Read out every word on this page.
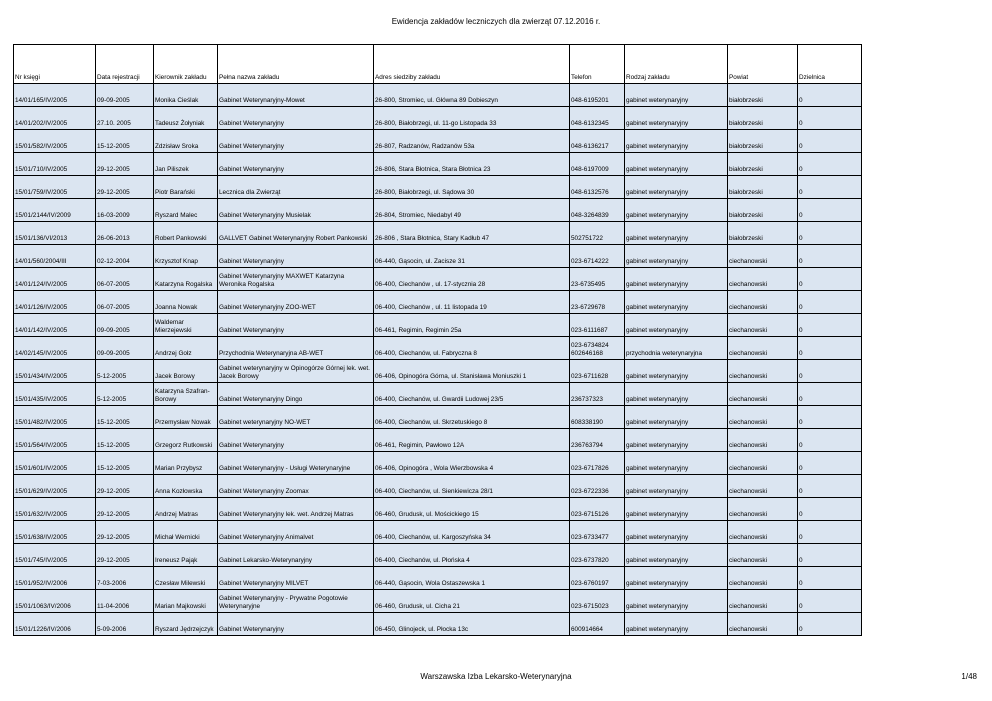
Ewidencja zakładów leczniczych dla zwierząt 07.12.2016 r.
Nr księgi	Data rejestracji	Kierownik zakładu	Pełna nazwa zakładu	Adres siedziby zakładu	Telefon	Rodzaj zakładu	Powiat	Dzielnica
14/01/165/IV/2005	09-09-2005	Monika Cieślak	Gabinet Weterynaryjny-Mowet	26-800, Stromiec, ul. Główna 89 Dobieszyn	048-6195201	gabinet weterynaryjny	białobrzeski	0
14/01/202/IV/2005	27.10. 2005	Tadeusz Żołyniak	Gabinet Weterynaryjny	26-800, Białobrzegi, ul. 11-go Listopada 33	048-6132345	gabinet weterynaryjny	białobrzeski	0
15/01/582/IV/2005	15-12-2005	Zdzisław Sroka	Gabinet Weterynaryjny	26-807, Radzanów, Radzanów 53a	048-6136217	gabinet weterynaryjny	białobrzeski	0
15/01/710/IV/2005	29-12-2005	Jan Piliszek	Gabinet Weterynaryjny	26-806, Stara Błotnica, Stara Błotnica 23	048-6197009	gabinet weterynaryjny	białobrzeski	0
15/01/759/IV/2005	29-12-2005	Piotr Barański	Lecznica dla Zwierząt	26-800, Białobrzegi, ul. Sądowa 30	048-6132576	gabinet weterynaryjny	białobrzeski	0
15/01/2144/IV/2009	16-03-2009	Ryszard Malec	Gabinet Weterynaryjny Musielak	26-804, Stromiec, Niedabyl 49	048-3264839	gabinet weterynaryjny	białobrzeski	0
15/01/136/VI/2013	26-06-2013	Robert Pankowski	GALLVET Gabinet Weterynaryjny Robert Pankowski	26-806 , Stara Błotnica, Stary Kadłub 47	502751722	gabinet weterynaryjny	białobrzeski	0
14/01/560/2004/III	02-12-2004	Krzysztof Knap	Gabinet Weterynaryjny	06-440, Gąsocin, ul. Zacisze 31	023-6714222	gabinet weterynaryjny	ciechanowski	0
14/01/124/IV/2005	06-07-2005	Katarzyna Rogalska	Gabinet Weterynaryjny MAXWET Katarzyna Weronika Rogalska	06-400, Ciechanów , ul. 17-stycznia 28	23-6735495	gabinet weterynaryjny	ciechanowski	0
14/01/126/IV/2005	06-07-2005	Joanna Nowak	Gabinet Weterynaryjny ZOO-WET	06-400, Ciechanów , ul. 11 listopada 19	23-6729678	gabinet weterynaryjny	ciechanowski	0
14/01/142/IV/2005	09-09-2005	Waldemar Mierzejewski	Gabinet Weterynaryjny	06-461, Regimin, Regimin 25a	023-6111687	gabinet weterynaryjny	ciechanowski	0
14/02/145/IV/2005	09-09-2005	Andrzej Gołz	Przychodnia Weterynaryjna AB-WET	06-400, Ciechanów, ul. Fabryczna 8	023-6734824 602646168	przychodnia weterynaryjna	ciechanowski	0
15/01/434/IV/2005	5-12-2005	Jacek Borowy	Gabinet weterynaryjny w Opinogórze Górnej lek. wet. Jacek Borowy	06-406, Opinogóra Górna, ul. Stanisława Moniuszki 1	023-6711628	gabinet weterynaryjny	ciechanowski	0
15/01/435/IV/2005	5-12-2005	Katarzyna Szafran-Borowy	Gabinet Weterynaryjny Dingo	06-400, Ciechanów, ul. Gwardii Ludowej 23/5	236737323	gabinet weterynaryjny	ciechanowski	0
15/01/482/IV/2005	15-12-2005	Przemysław Nowak	Gabinet weterynaryjny NO-WET	06-400, Ciechanów, ul. Skrzetuskiego 8	608338190	gabinet weterynaryjny	ciechanowski	0
15/01/564/IV/2005	15-12-2005	Grzegorz Rutkowski	Gabinet Weterynaryjny	06-461, Regimin, Pawłowo 12A	236763794	gabinet weterynaryjny	ciechanowski	0
15/01/601/IV/2005	15-12-2005	Marian Przybysz	Gabinet Weterynaryjny - Usługi Weterynaryjne	06-406, Opinogóra , Wola Wierzbowska 4	023-6717826	gabinet weterynaryjny	ciechanowski	0
15/01/629/IV/2005	29-12-2005	Anna Kozłowska	Gabinet Weterynaryjny Zoomax	06-400, Ciechanów, ul. Sienkiewicza 28/1	023-6722336	gabinet weterynaryjny	ciechanowski	0
15/01/632/IV/2005	29-12-2005	Andrzej Matras	Gabinet Weterynaryjny lek. wet. Andrzej Matras	06-460, Grudusk, ul. Mościckiego 15	023-6715126	gabinet weterynaryjny	ciechanowski	0
15/01/638/IV/2005	29-12-2005	Michał Wernicki	Gabinet Weterynaryjny Animalvet	06-400, Ciechanów, ul. Kargoszyńska 34	023-6733477	gabinet weterynaryjny	ciechanowski	0
15/01/745/IV/2005	29-12-2005	Ireneusz Pająk	Gabinet Lekarsko-Weterynaryjny	06-400, Ciechanów, ul. Płońska 4	023-6737820	gabinet weterynaryjny	ciechanowski	0
15/01/952/IV/2006	7-03-2006	Czesław Milewski	Gabinet Weterynaryjny MILVET	06-440, Gąsocin, Wola Ostaszewska 1	023-6760197	gabinet weterynaryjny	ciechanowski	0
15/01/1063/IV/2006	11-04-2006	Marian Majkowski	Gabinet Weterynaryjny - Prywatne Pogotowie Weterynaryjne	06-460, Grudusk, ul. Cicha 21	023-6715023	gabinet weterynaryjny	ciechanowski	0
15/01/1226/IV/2006	5-09-2006	Ryszard Jędrzejczyk	Gabinet Weterynaryjny	06-450, Glinojeck, ul. Płocka 13c	600914664	gabinet weterynaryjny	ciechanowski	0
Warszawska Izba Lekarsko-Weterynaryjna	1/48
